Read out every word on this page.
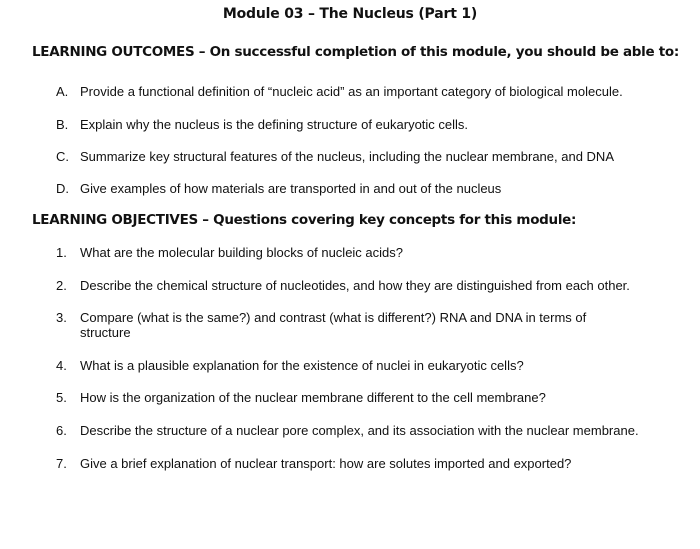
Module 03 – The Nucleus (Part 1)
LEARNING OUTCOMES – On successful completion of this module, you should be able to:
A. Provide a functional definition of “nucleic acid” as an important category of biological molecule.
B. Explain why the nucleus is the defining structure of eukaryotic cells.
C. Summarize key structural features of the nucleus, including the nuclear membrane, and DNA
D. Give examples of how materials are transported in and out of the nucleus
LEARNING OBJECTIVES – Questions covering key concepts for this module:
1.	What are the molecular building blocks of nucleic acids?
2.	Describe the chemical structure of nucleotides, and how they are distinguished from each other.
3.	Compare (what is the same?) and contrast (what is different?) RNA and DNA in terms of structure
4.	What is a plausible explanation for the existence of nuclei in eukaryotic cells?
5.	How is the organization of the nuclear membrane different to the cell membrane?
6.	Describe the structure of a nuclear pore complex, and its association with the nuclear membrane.
7.	Give a brief explanation of nuclear transport: how are solutes imported and exported?
